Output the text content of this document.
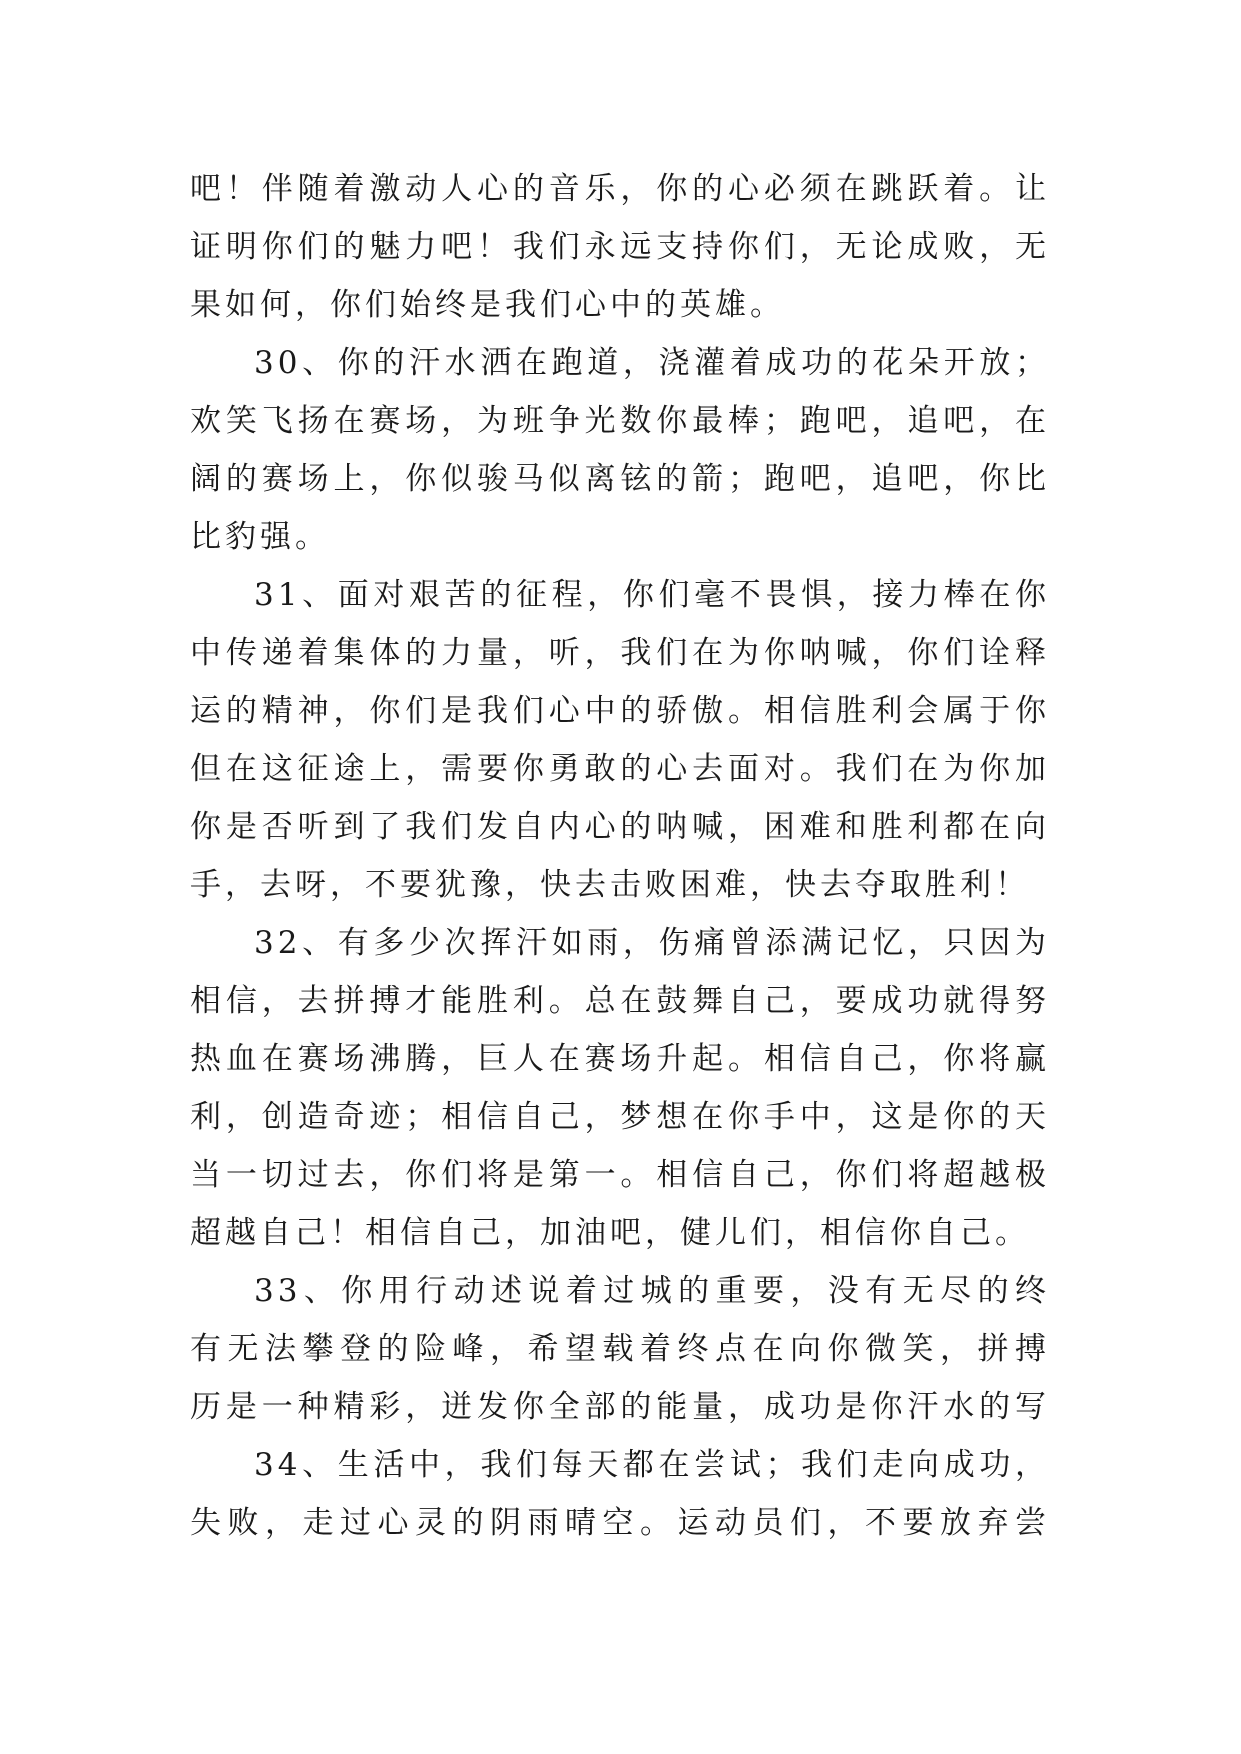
吧！伴随着激动人心的音乐，你的心必须在跳跃着。让
证明你们的魅力吧！我们永远支持你们，无论成败，无
果如何，你们始终是我们心中的英雄。
30、你的汗水洒在跑道，浇灌着成功的花朵开放；
欢笑飞扬在赛场，为班争光数你最棒；跑吧，追吧，在
阔的赛场上，你似骏马似离铉的箭；跑吧，追吧，你比
比豹强。
31、面对艰苦的征程，你们毫不畏惧，接力棒在你
中传递着集体的力量，听，我们在为你呐喊，你们诠释
运的精神，你们是我们心中的骄傲。相信胜利会属于你
但在这征途上，需要你勇敢的心去面对。我们在为你加
你是否听到了我们发自内心的呐喊，困难和胜利都在向
手，去呀，不要犹豫，快去击败困难，快去夺取胜利！
32、有多少次挥汗如雨，伤痛曾添满记忆，只因为
相信，去拼搏才能胜利。总在鼓舞自己，要成功就得努
热血在赛场沸腾，巨人在赛场升起。相信自己，你将赢
利，创造奇迹；相信自己，梦想在你手中，这是你的天
当一切过去，你们将是第一。相信自己，你们将超越极
超越自己！相信自己，加油吧，健儿们，相信你自己。
33、你用行动述说着过城的重要，没有无尽的终
有无法攀登的险峰，希望载着终点在向你微笑，拼搏
历是一种精彩，迸发你全部的能量，成功是你汗水的写
34、生活中，我们每天都在尝试；我们走向成功，
失败，走过心灵的阴雨晴空。运动员们，不要放弃尝
